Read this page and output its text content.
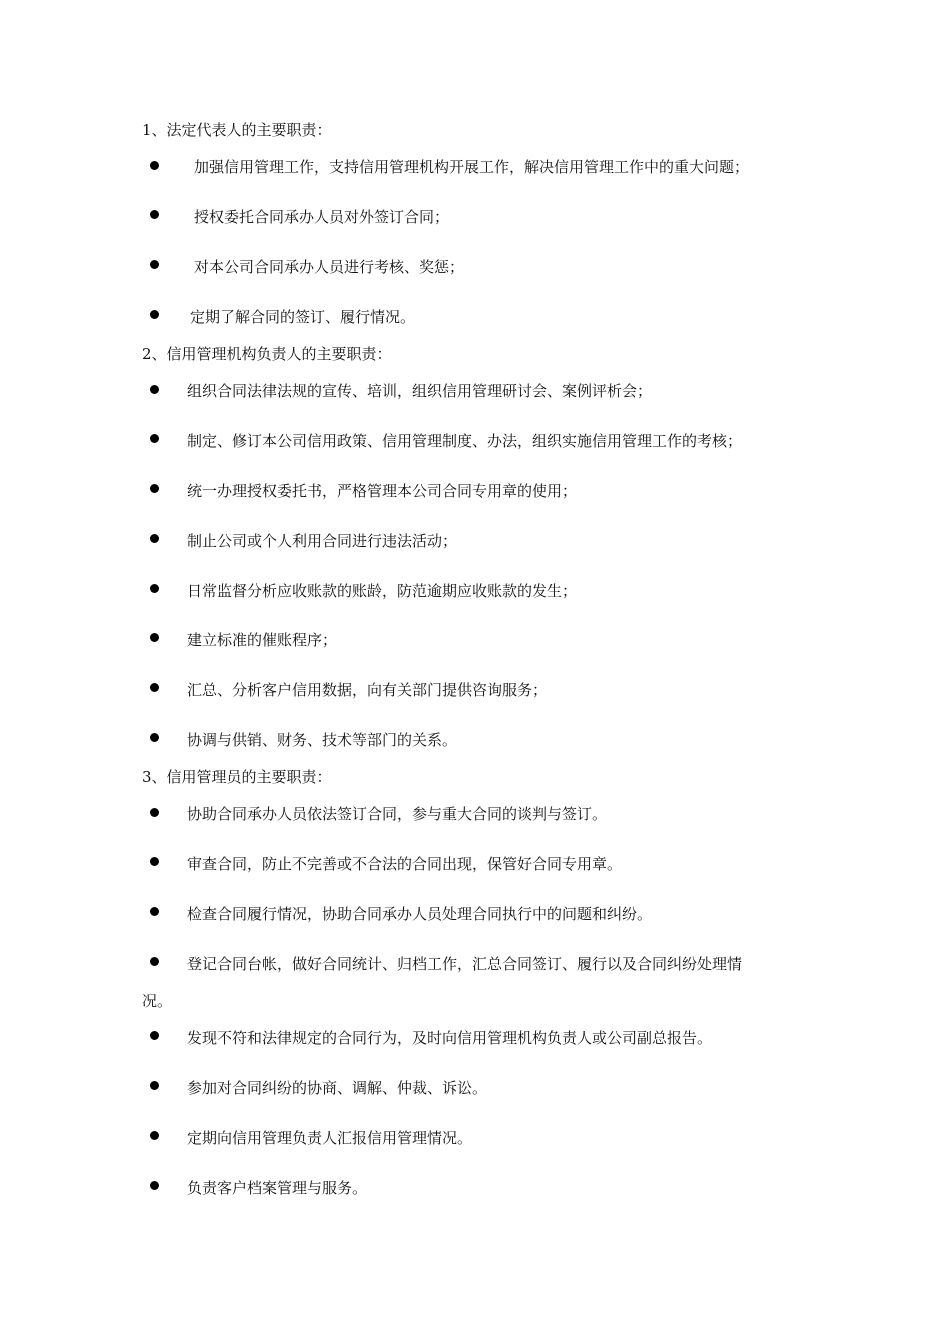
1、法定代表人的主要职责：
加强信用管理工作，支持信用管理机构开展工作，解决信用管理工作中的重大问题；
授权委托合同承办人员对外签订合同；
对本公司合同承办人员进行考核、奖惩；
定期了解合同的签订、履行情况。
2、信用管理机构负责人的主要职责：
组织合同法律法规的宣传、培训，组织信用管理研讨会、案例评析会；
制定、修订本公司信用政策、信用管理制度、办法，组织实施信用管理工作的考核；
统一办理授权委托书，严格管理本公司合同专用章的使用；
制止公司或个人利用合同进行违法活动；
日常监督分析应收账款的账龄，防范逾期应收账款的发生；
建立标准的催账程序；
汇总、分析客户信用数据，向有关部门提供咨询服务；
协调与供销、财务、技术等部门的关系。
3、信用管理员的主要职责：
协助合同承办人员依法签订合同，参与重大合同的谈判与签订。
审查合同，防止不完善或不合法的合同出现，保管好合同专用章。
检查合同履行情况，协助合同承办人员处理合同执行中的问题和纠纷。
登记合同台帐，做好合同统计、归档工作，汇总合同签订、履行以及合同纠纷处理情
况。
发现不符和法律规定的合同行为，及时向信用管理机构负责人或公司副总报告。
参加对合同纠纷的协商、调解、仲裁、诉讼。
定期向信用管理负责人汇报信用管理情况。
负责客户档案管理与服务。
